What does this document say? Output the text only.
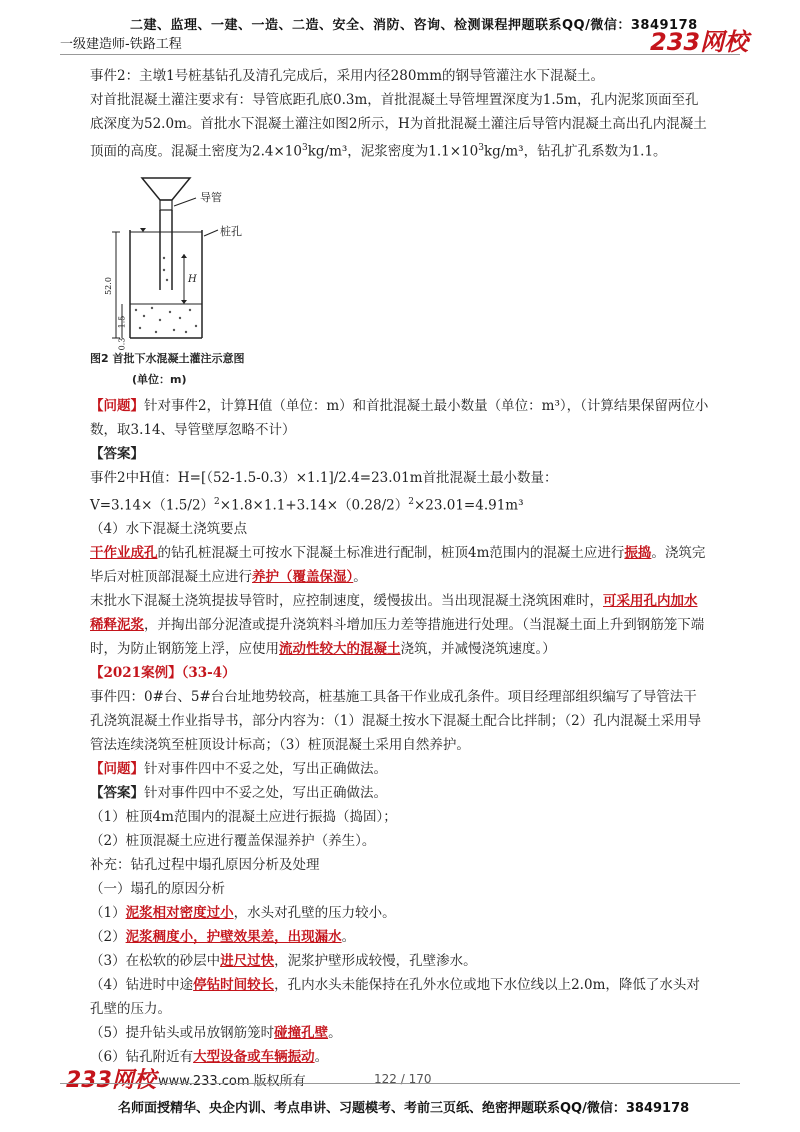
二建、监理、一建、一造、二造、安全、消防、咨询、检测课程押题联系QQ/微信：3849178
一级建造师-铁路工程	233网校

事件2：主墩1号桩基钻孔及清孔完成后，采用内径280mm的钢导管灌注水下混凝土。

对首批混凝土灌注要求有：导管底距孔底0.3m，首批混凝土导管埋置深度为1.5m，孔内泥浆顶面至孔底深度为52.0m。首批水下混凝土灌注如图2所示，H为首批混凝土灌注后导管内混凝土高出孔内混凝土顶面的高度。混凝土密度为$2.4\times 10^3kg/m^3$，泥浆密度为$1.1\times 10^3kg/m^3$，钻孔扩孔系数为1.1。

导管
桩孔
H
52.0
1.5
0.3
图2 首批下水混凝土灌注示意图
(单位：m)

【问题】针对事件2，计算H值（单位：m）和首批混凝土最小数量（单位：m³），（计算结果保留两位小数，取3.14、导管壁厚忽略不计）

【答案】

事件2中H值：H=[（52-1.5-0.3）×1.1]/2.4=23.01m首批混凝土最小数量：

$V=3.14\times(1.5/2)^2\times 1.8\times 1.1+3.14\times(0.28/2)^2\times 23.01=4.91m^3$

（4）水下混凝土浇筑要点

干作业成孔的钻孔桩混凝土可按水下混凝土标准进行配制，桩顶4m范围内的混凝土应进行振捣。浇筑完毕后对桩顶部混凝土应进行养护（覆盖保湿）。

末批水下混凝土浇筑提拔导管时，应控制速度，缓慢拔出。当出现混凝土浇筑困难时，可采用孔内加水稀释泥浆，并掏出部分泥渣或提升浇筑料斗增加压力差等措施进行处理。（当混凝土面上升到钢筋笼下端时，为防止钢筋笼上浮，应使用流动性较大的混凝土浇筑，并减慢浇筑速度。）

【2021案例】（33-4）

事件四：0#台、5#台台址地势较高，桩基施工具备干作业成孔条件。项目经理部组织编写了导管法干孔浇筑混凝土作业指导书，部分内容为：（1）混凝土按水下混凝土配合比拌制；（2）孔内混凝土采用导管法连续浇筑至桩顶设计标高；（3）桩顶混凝土采用自然养护。

【问题】针对事件四中不妥之处，写出正确做法。

【答案】针对事件四中不妥之处，写出正确做法。

（1）桩顶4m范围内的混凝土应进行振捣（捣固）；

（2）桩顶混凝土应进行覆盖保湿养护（养生）。

补充：钻孔过程中塌孔原因分析及处理

（一）塌孔的原因分析

（1）泥浆相对密度过小，水头对孔壁的压力较小。

（2）泥浆稠度小，护壁效果差，出现漏水。

（3）在松软的砂层中进尺过快，泥浆护壁形成较慢，孔壁渗水。

（4）钻进时中途停钻时间较长，孔内水头未能保持在孔外水位或地下水位线以上2.0m，降低了水头对孔壁的压力。

（5）提升钻头或吊放钢筋笼时碰撞孔壁。

（6）钻孔附近有大型设备或车辆振动。

233网校 www.233.com 版权所有	122 / 170
名师面授精华、央企内训、考点串讲、习题模考、考前三页纸、绝密押题联系QQ/微信：3849178
